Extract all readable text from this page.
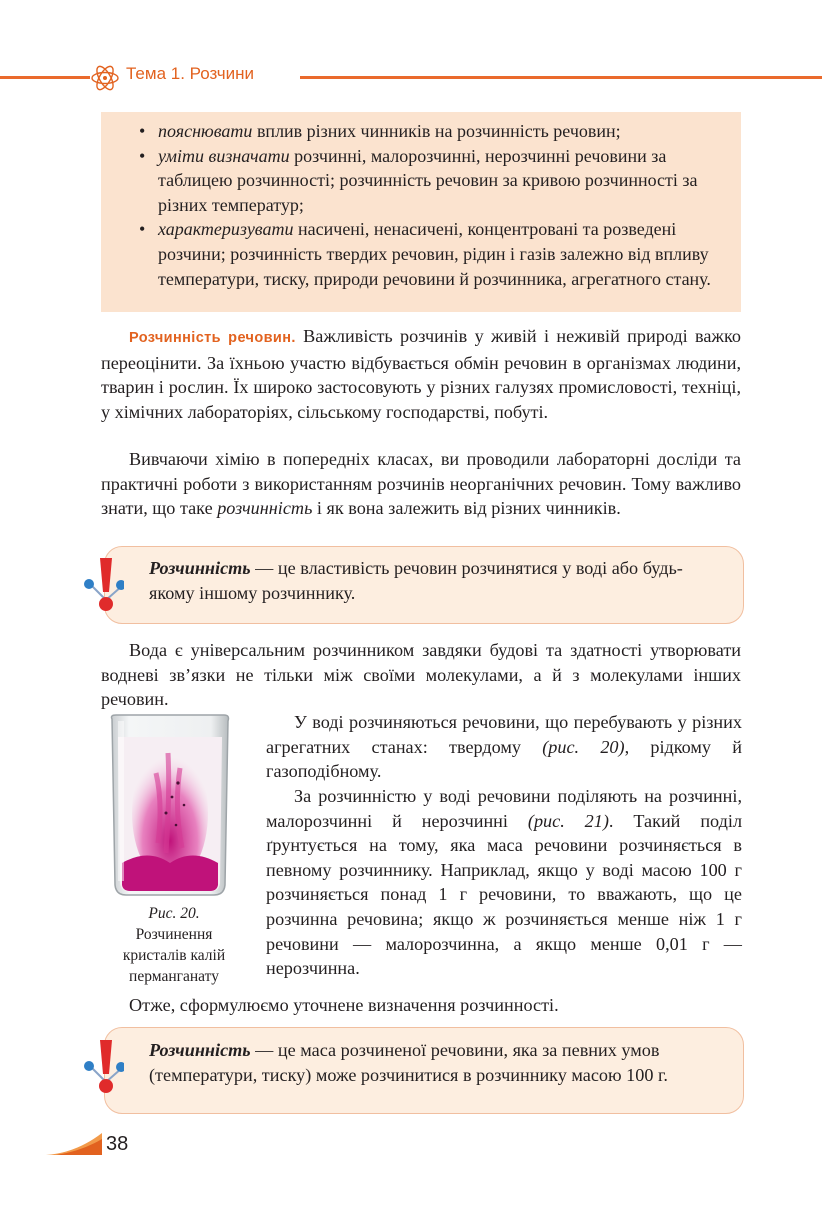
Тема 1. Розчини
• пояснювати вплив різних чинників на розчинність речовин;
• уміти визначати розчинні, малорозчинні, нерозчинні речовини за таблицею розчинності; розчинність речовин за кривою розчинності за різних температур;
• характеризувати насичені, ненасичені, концентровані та розведені розчини; розчинність твердих речовин, рідин і газів залежно від впливу температури, тиску, природи речовини й розчинника, агрегатного стану.
Розчинність речовин. Важливість розчинів у живій і неживій природі важко переоцінити. За їхньою участю відбувається обмін речовин в організмах людини, тварин і рослин. Їх широко застосовують у різних галузях промисловості, техніці, у хімічних лабораторіях, сільському господарстві, побуті.
Вивчаючи хімію в попередніх класах, ви проводили лабораторні досліди та практичні роботи з використанням розчинів неорганічних речовин. Тому важливо знати, що таке розчинність і як вона залежить від різних чинників.
Розчинність — це властивість речовин розчинятися у воді або будь-якому іншому розчиннику.
Вода є універсальним розчинником завдяки будові та здатності утворювати водневі зв’язки не тільки між своїми молекулами, а й з молекулами інших речовин.
Рис. 20.
Розчинення кристалів калій перманганату
У воді розчиняються речовини, що перебувають у різних агрегатних станах: твердому (рис. 20), рідкому й газоподібному.
За розчинністю у воді речовини поділяють на розчинні, малорозчинні й нерозчинні (рис. 21). Такий поділ ґрунтується на тому, яка маса речовини розчиняється в певному розчиннику. Наприклад, якщо у воді масою 100 г розчиняється понад 1 г речовини, то вважають, що це розчинна речовина; якщо ж розчиняється менше ніж 1 г речовини — малорозчинна, а якщо менше 0,01 г — нерозчинна.
Отже, сформулюємо уточнене визначення розчинності.
Розчинність — це маса розчиненої речовини, яка за певних умов (температури, тиску) може розчинитися в розчиннику масою 100 г.
38
